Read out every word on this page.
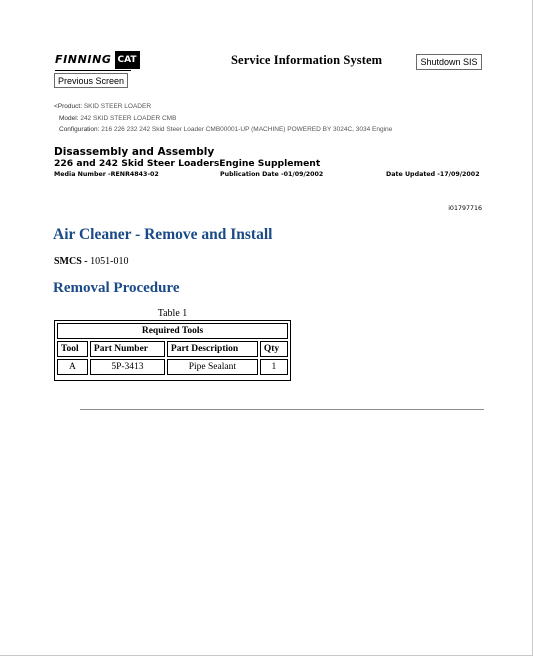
FINNING CAT	Service Information System	Shutdown SIS
Previous Screen
<Product: SKID STEER LOADER
Model: 242 SKID STEER LOADER CMB
Configuration: 216 226 232 242 Skid Steer Loader CMB00001-UP (MACHINE) POWERED BY 3024C, 3034 Engine
Disassembly and Assembly
226 and 242 Skid Steer LoadersEngine Supplement
Media Number -RENR4843-02	Publication Date -01/09/2002	Date Updated -17/09/2002
i01797716
Air Cleaner - Remove and Install
SMCS - 1051-010
Removal Procedure
Table 1
Required Tools			
Tool	Part Number	Part Description	Qty
A	5P-3413	Pipe Sealant	1
